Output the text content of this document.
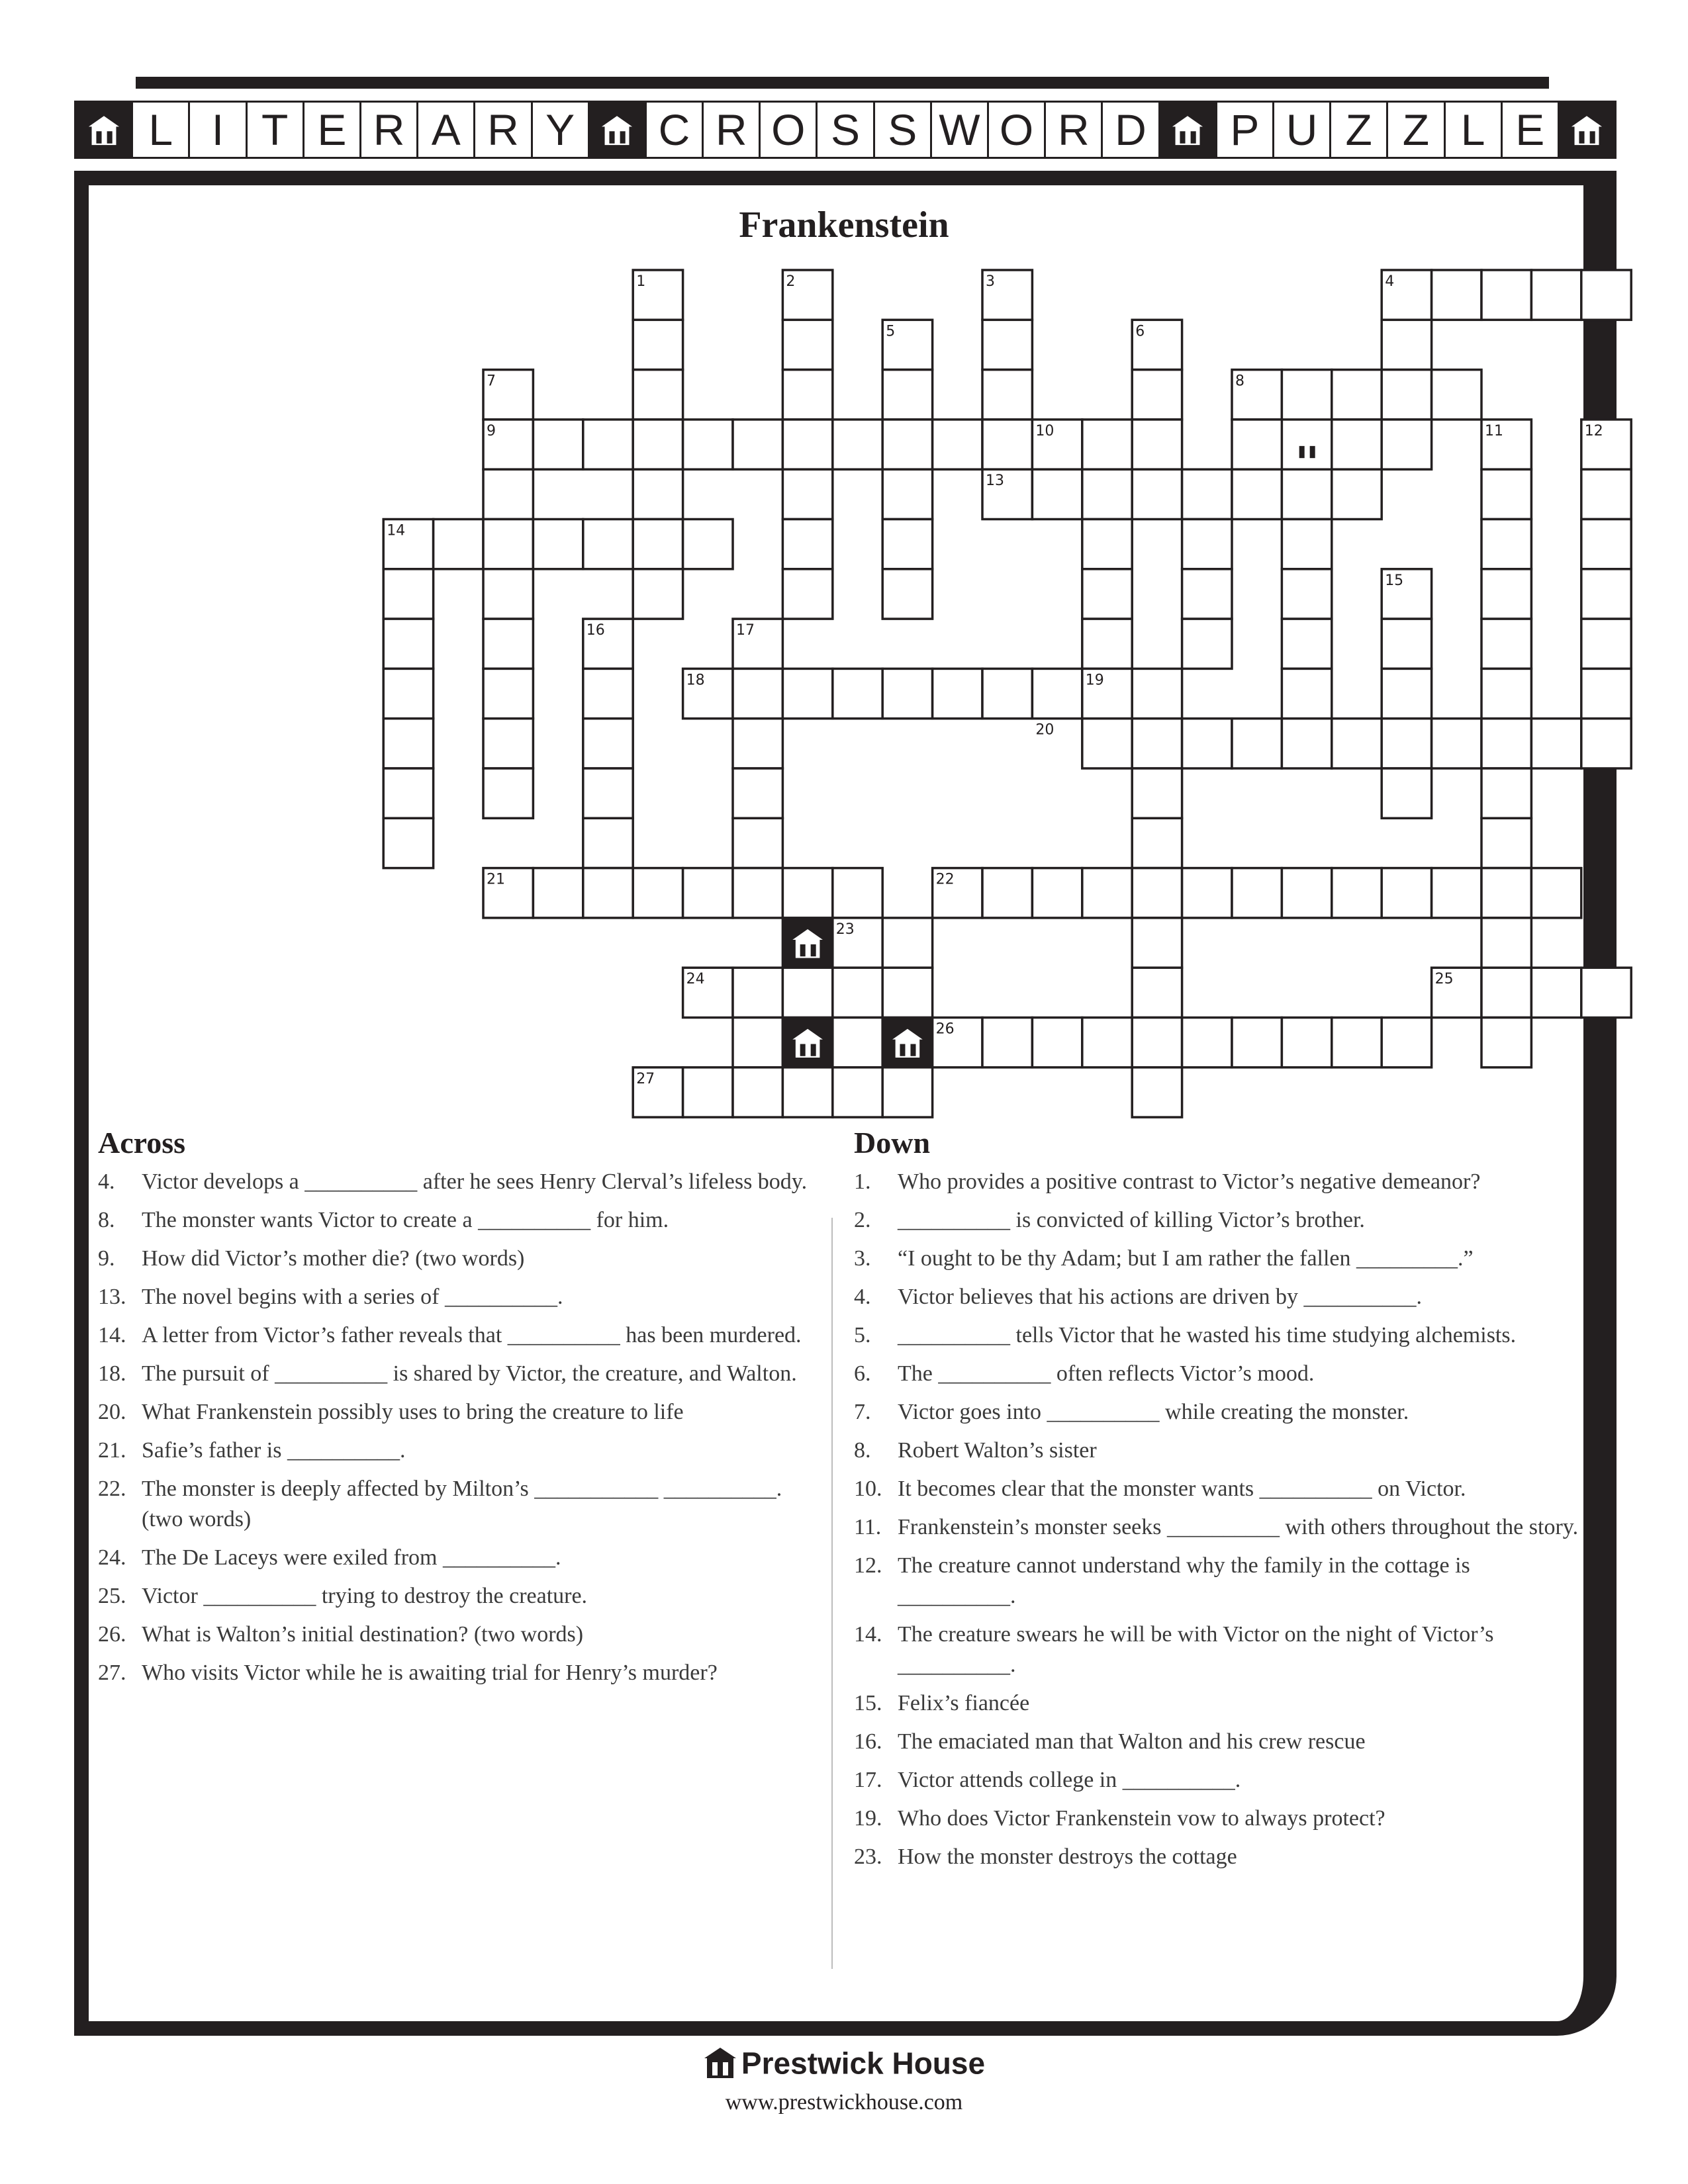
L I T E R A R Y	C R O S S W O R D	P U Z Z L E
Frankenstein
1	2	3	4
5	6
7	8
9	10	11	12
13
14
15
16	17
18	19
20
21	22
23
24	25
26
27
Across
4.	Victor develops a __________ after he sees Henry Clerval’s lifeless body.
8.	The monster wants Victor to create a __________ for him.
9.	How did Victor’s mother die? (two words)
13. The novel begins with a series of __________.
14. A letter from Victor’s father reveals that __________ has been murdered.
18. The pursuit of __________ is shared by Victor, the creature, and Walton.
20. What Frankenstein possibly uses to bring the creature to life
21. Safie’s father is __________.
22. The monster is deeply affected by Milton’s ___________ __________. (two words)
24. The De Laceys were exiled from __________.
25. Victor __________ trying to destroy the creature.
26. What is Walton’s initial destination? (two words)
27. Who visits Victor while he is awaiting trial for Henry’s murder?
Down
1.	Who provides a positive contrast to Victor’s negative demeanor?
2.	__________ is convicted of killing Victor’s brother.
3.	“I ought to be thy Adam; but I am rather the fallen _________.”
4.	Victor believes that his actions are driven by __________.
5.	__________ tells Victor that he wasted his time studying alchemists.
6.	The __________ often reflects Victor’s mood.
7.	Victor goes into __________ while creating the monster.
8.	Robert Walton’s sister
10. It becomes clear that the monster wants __________ on Victor.
11. Frankenstein’s monster seeks __________ with others throughout the story.
12. The creature cannot understand why the family in the cottage is __________.
14. The creature swears he will be with Victor on the night of Victor’s __________.
15. Felix’s fiancée
16. The emaciated man that Walton and his crew rescue
17. Victor attends college in __________.
19. Who does Victor Frankenstein vow to always protect?
23. How the monster destroys the cottage
Prestwick House
www.prestwickhouse.com
